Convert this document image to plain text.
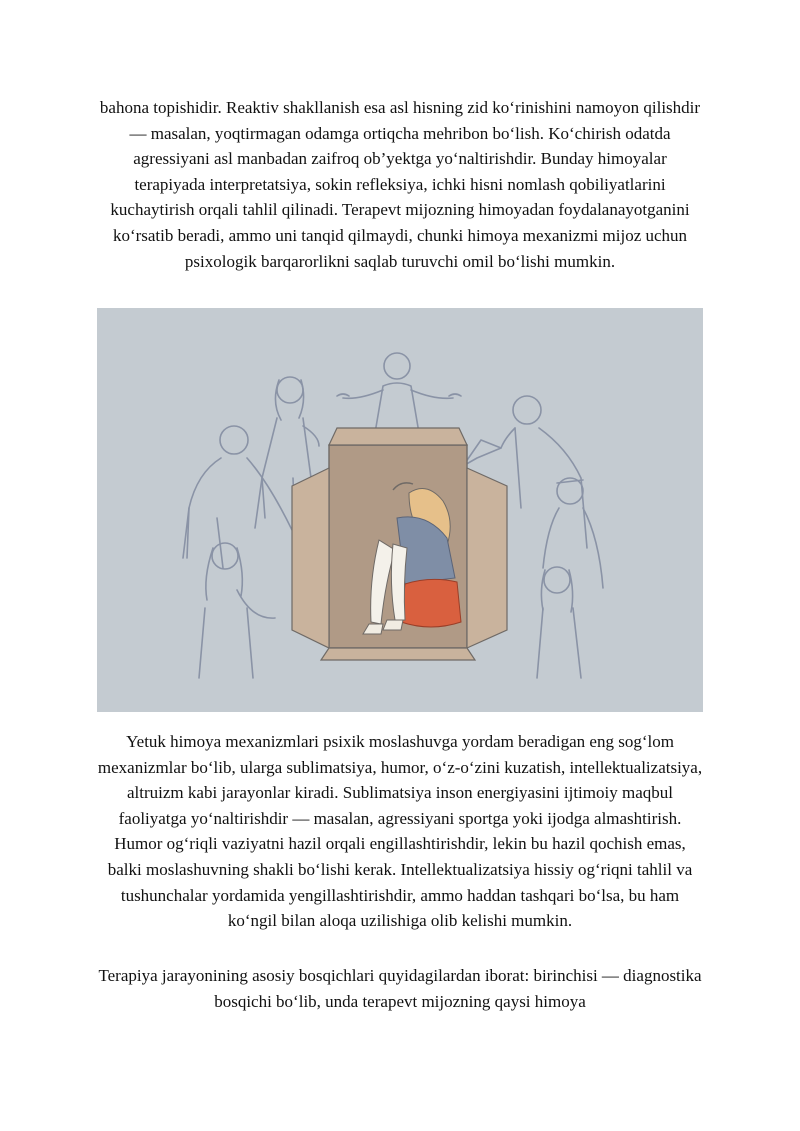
bahona topishidir. Reaktiv shakllanish esa asl hisning zid ko‘rinishini namoyon qilishdir — masalan, yoqtirmagan odamga ortiqcha mehribon bo‘lish. Ko‘chirish odatda agressiyani asl manbadan zaifroq ob’yektga yo‘naltirishdir. Bunday himoyalar terapiyada interpretatsiya, sokin refleksiya, ichki hisni nomlash qobiliyatlarini kuchaytirish orqali tahlil qilinadi. Terapevt mijozning himoyadan foydalanayotganini ko‘rsatib beradi, ammo uni tanqid qilmaydi, chunki himoya mexanizmi mijoz uchun psixologik barqarorlikni saqlab turuvchi omil bo‘lishi mumkin.

Yetuk himoya mexanizmlari psixik moslashuvga yordam beradigan eng sog‘lom mexanizmlar bo‘lib, ularga sublimatsiya, humor, o‘z-o‘zini kuzatish, intellektualizatsiya, altruizm kabi jarayonlar kiradi. Sublimatsiya inson energiyasini ijtimoiy maqbul faoliyatga yo‘naltirishdir — masalan, agressiyani sportga yoki ijodga almashtirish. Humor og‘riqli vaziyatni hazil orqali engillashtirishdir, lekin bu hazil qochish emas, balki moslashuvning shakli bo‘lishi kerak. Intellektualizatsiya hissiy og‘riqni tahlil va tushunchalar yordamida yengillashtirishdir, ammo haddan tashqari bo‘lsa, bu ham ko‘ngil bilan aloqa uzilishiga olib kelishi mumkin.

Terapiya jarayonining asosiy bosqichlari quyidagilardan iborat: birinchisi — diagnostika bosqichi bo‘lib, unda terapevt mijozning qaysi himoya
